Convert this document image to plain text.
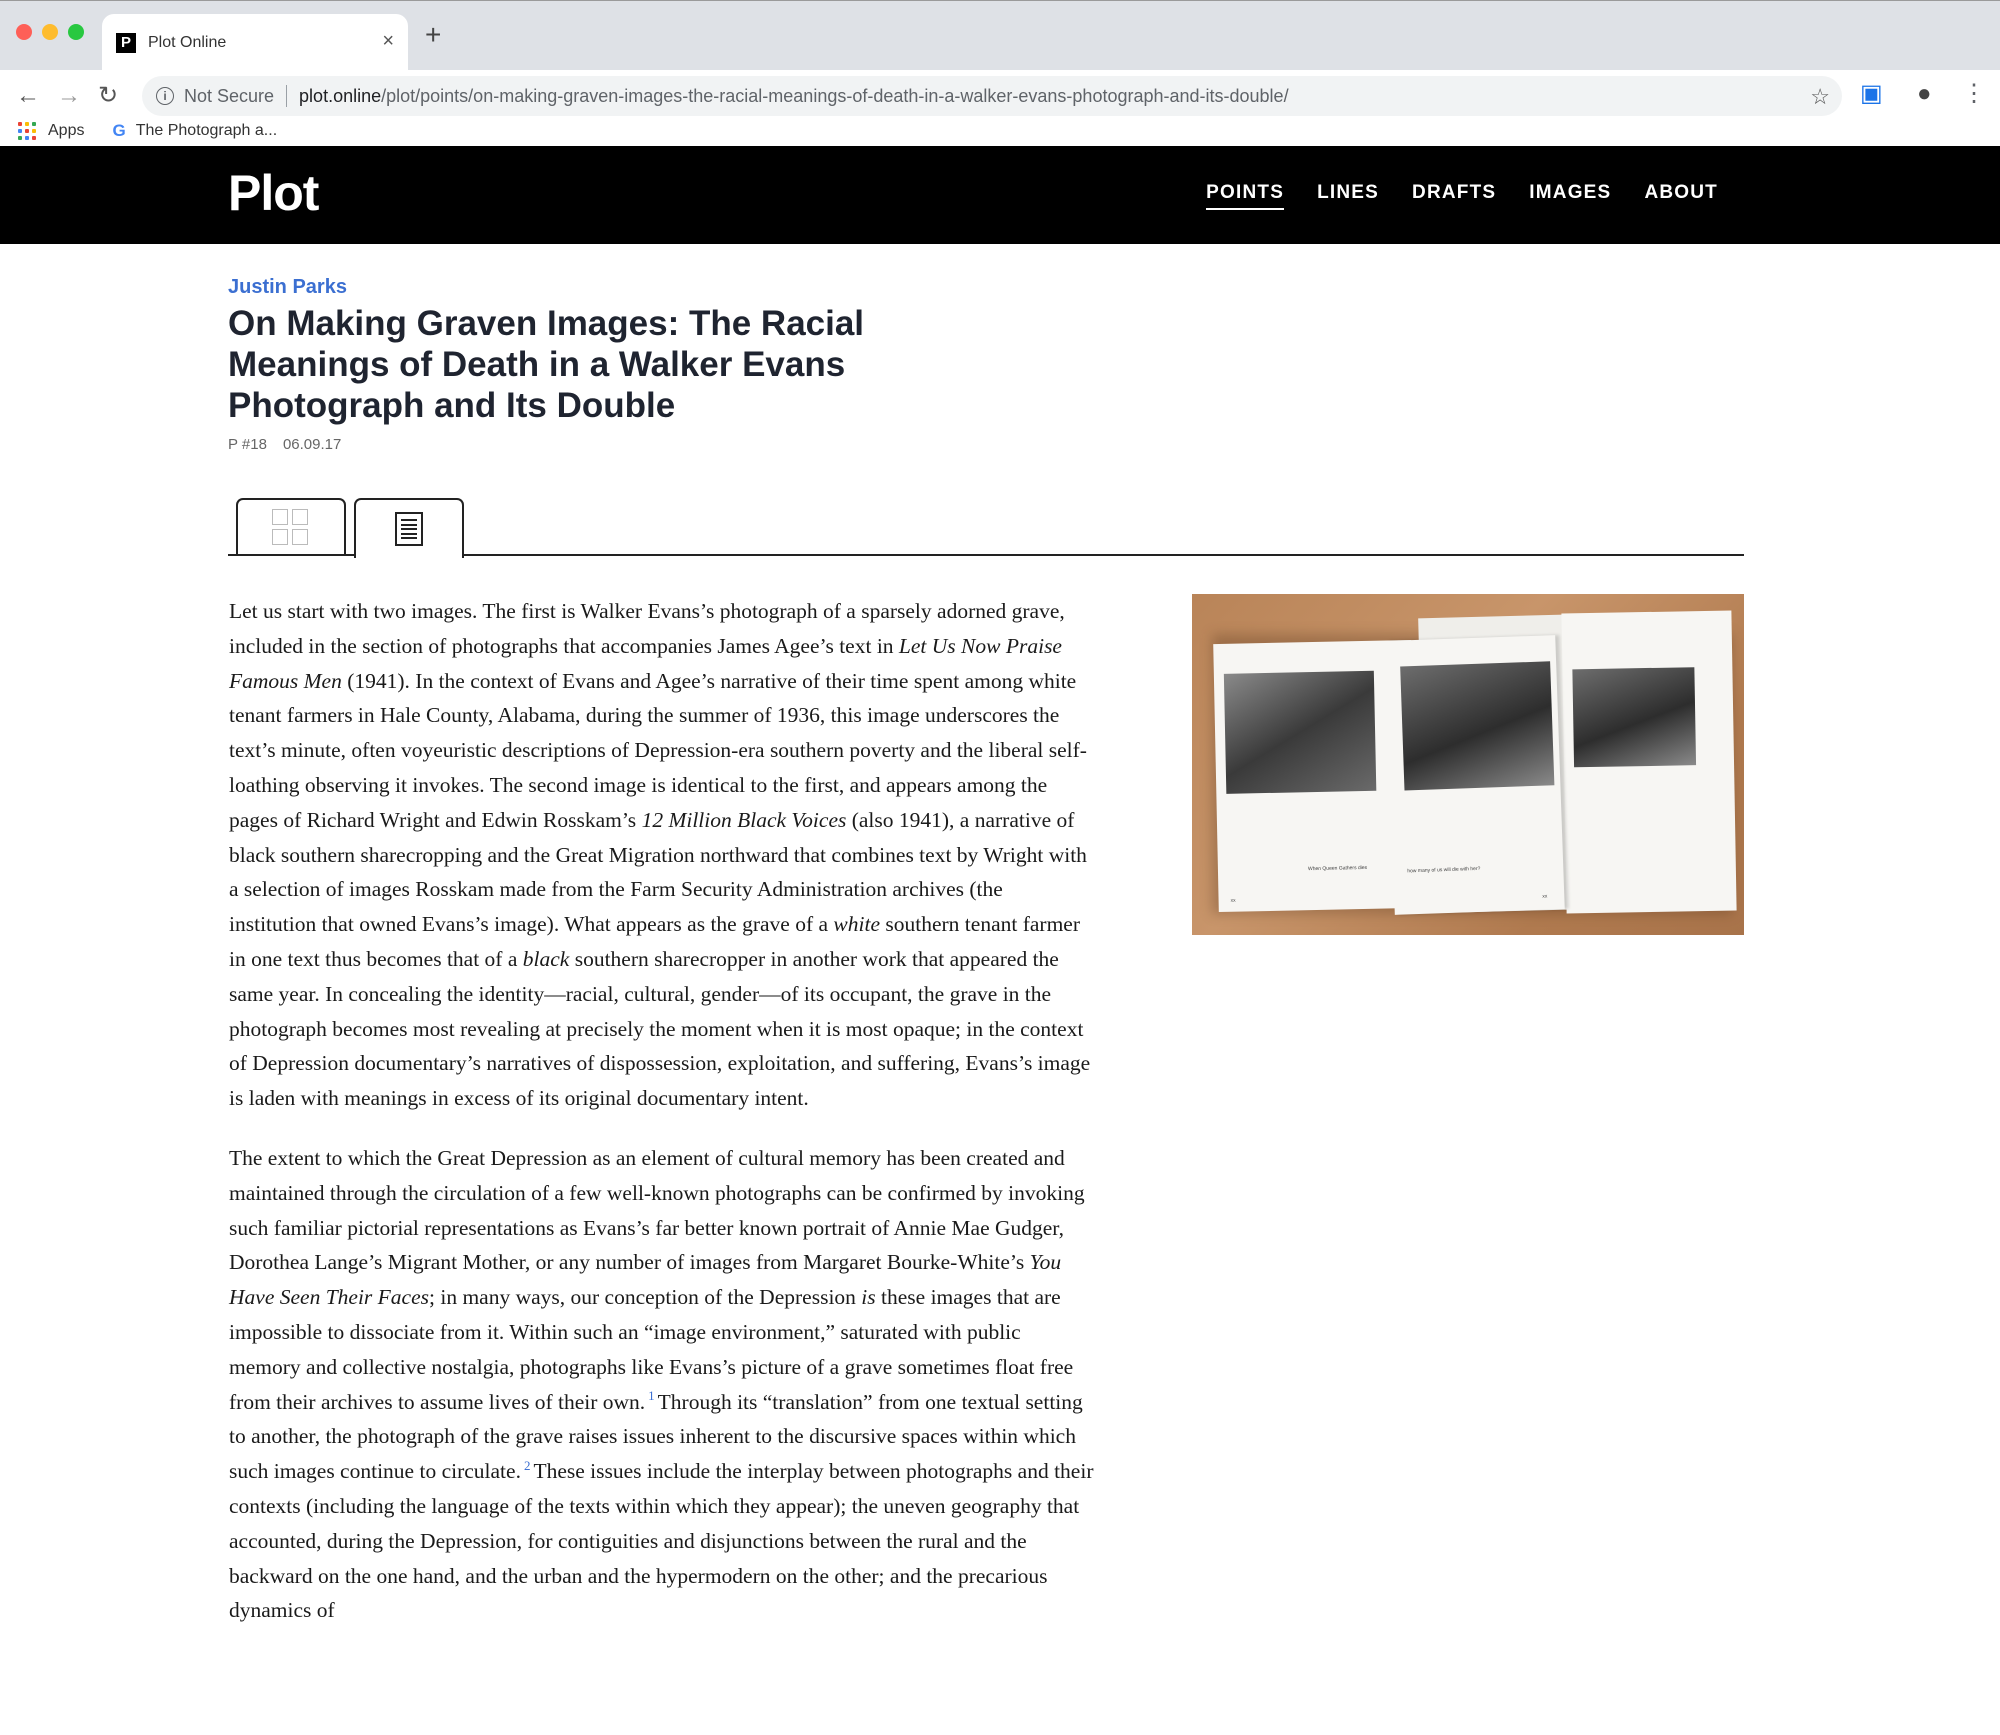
P	Plot Online	× +
← → ↻	i Not Secure plot.online /plot/points/on-making-graven-images-the-racial-meanings-of-death-in-a-walker-evans-photograph-and-its-double/	☆ ▣ ● ⋮
Apps G The Photograph a...
Plot	POINTS LINES DRAFTS IMAGES ABOUT
Justin Parks
On Making Graven Images: The Racial Meanings of Death in a Walker Evans Photograph and Its Double
P #18 06.09.17

Let us start with two images. The first is Walker Evans’s photograph of a sparsely adorned grave, included in the section of photographs that accompanies James Agee’s text in Let Us Now Praise Famous Men (1941). In the context of Evans and Agee’s narrative of their time spent among white tenant farmers in Hale County, Alabama, during the summer of 1936, this image underscores the text’s minute, often voyeuristic descriptions of Depression-era southern poverty and the liberal self-loathing observing it invokes. The second image is identical to the first, and appears among the pages of Richard Wright and Edwin Rosskam’s 12 Million Black Voices (also 1941), a narrative of black southern sharecropping and the Great Migration northward that combines text by Wright with a selection of images Rosskam made from the Farm Security Administration archives (the institution that owned Evans’s image). What appears as the grave of a white southern tenant farmer in one text thus becomes that of a black southern sharecropper in another work that appeared the same year. In concealing the identity—racial, cultural, gender—of its occupant, the grave in the photograph becomes most revealing at precisely the moment when it is most opaque; in the context of Depression documentary’s narratives of dispossession, exploitation, and suffering, Evans’s image is laden with meanings in excess of its original documentary intent.

The extent to which the Great Depression as an element of cultural memory has been created and maintained through the circulation of a few well-known photographs can be confirmed by invoking such familiar pictorial representations as Evans’s far better known portrait of Annie Mae Gudger, Dorothea Lange’s Migrant Mother, or any number of images from Margaret Bourke-White’s You Have Seen Their Faces; in many ways, our conception of the Depression is these images that are impossible to dissociate from it. Within such an “image environment,” saturated with public memory and collective nostalgia, photographs like Evans’s picture of a grave sometimes float free from their archives to assume lives of their own. $^1$ Through its “translation” from one textual setting to another, the photograph of the grave raises issues inherent to the discursive spaces within which such images continue to circulate. $^2$ These issues include the interplay between photographs and their contexts (including the language of the texts within which they appear); the uneven geography that accounted, during the Depression, for contiguities and disjunctions between the rural and the backward on the one hand, and the urban and the hypermodern on the other; and the precarious dynamics of

When Queen Gathers dies
xx
how many of us will die with her?
xx
